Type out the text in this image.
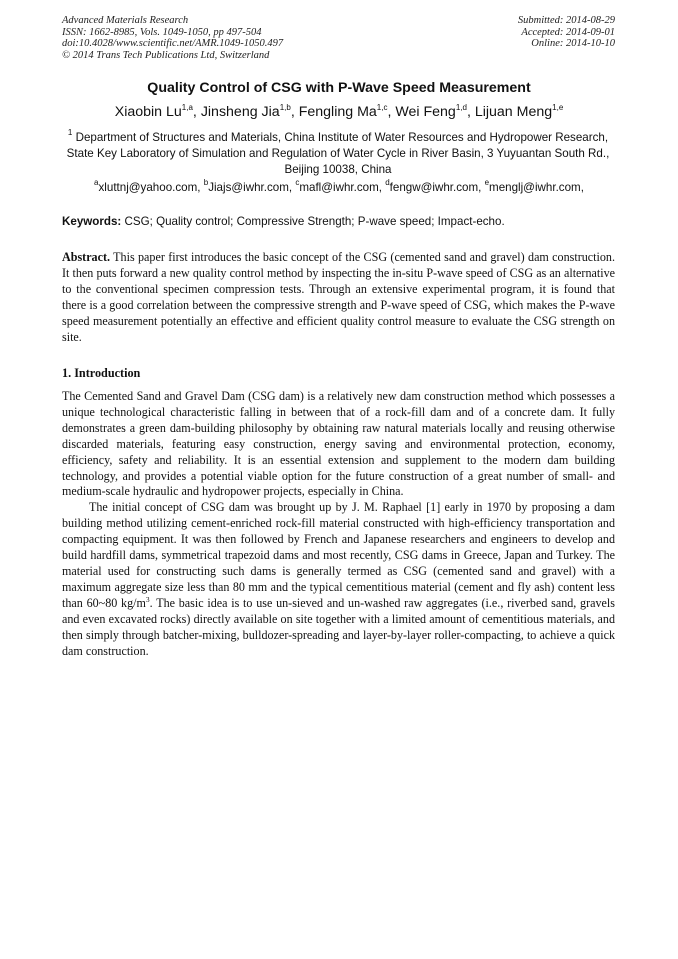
Advanced Materials Research
ISSN: 1662-8985, Vols. 1049-1050, pp 497-504
doi:10.4028/www.scientific.net/AMR.1049-1050.497
© 2014 Trans Tech Publications Ltd, Switzerland
Submitted: 2014-08-29
Accepted: 2014-09-01
Online: 2014-10-10
Quality Control of CSG with P-Wave Speed Measurement
Xiaobin Lu$^{1,a}$, Jinsheng Jia$^{1,b}$, Fengling Ma$^{1,c}$, Wei Feng$^{1,d}$, Lijuan Meng$^{1,e}$
$^1$ Department of Structures and Materials, China Institute of Water Resources and Hydropower Research, State Key Laboratory of Simulation and Regulation of Water Cycle in River Basin, 3 Yuyuantan South Rd., Beijing 10038, China
$^a$xluttnj@yahoo.com, $^b$Jiajs@iwhr.com, $^c$mafl@iwhr.com, $^d$fengw@iwhr.com, $^e$menglj@iwhr.com,
Keywords: CSG; Quality control; Compressive Strength; P-wave speed; Impact-echo.

Abstract. This paper first introduces the basic concept of the CSG (cemented sand and gravel) dam construction. It then puts forward a new quality control method by inspecting the in-situ P-wave speed of CSG as an alternative to the conventional specimen compression tests. Through an extensive experimental program, it is found that there is a good correlation between the compressive strength and P-wave speed of CSG, which makes the P-wave speed measurement potentially an effective and efficient quality control measure to evaluate the CSG strength on site.

1. Introduction

The Cemented Sand and Gravel Dam (CSG dam) is a relatively new dam construction method which possesses a unique technological characteristic falling in between that of a rock-fill dam and of a concrete dam. It fully demonstrates a green dam-building philosophy by obtaining raw natural materials locally and reusing otherwise discarded materials, featuring easy construction, energy saving and environmental protection, economy, efficiency, safety and reliability. It is an essential extension and supplement to the modern dam building technology, and provides a potential viable option for the future construction of a great number of small- and medium-scale hydraulic and hydropower projects, especially in China.

The initial concept of CSG dam was brought up by J. M. Raphael [1] early in 1970 by proposing a dam building method utilizing cement-enriched rock-fill material constructed with high-efficiency transportation and compacting equipment. It was then followed by French and Japanese researchers and engineers to develop and build hardfill dams, symmetrical trapezoid dams and most recently, CSG dams in Greece, Japan and Turkey. The material used for constructing such dams is generally termed as CSG (cemented sand and gravel) with a maximum aggregate size less than 80 mm and the typical cementitious material (cement and fly ash) content less than 60~80 $kg/m^3$. The basic idea is to use un-sieved and un-washed raw aggregates (i.e., riverbed sand, gravels and even excavated rocks) directly available on site together with a limited amount of cementitious materials, and then simply through batcher-mixing, bulldozer-spreading and layer-by-layer roller-compacting, to achieve a quick dam construction.
